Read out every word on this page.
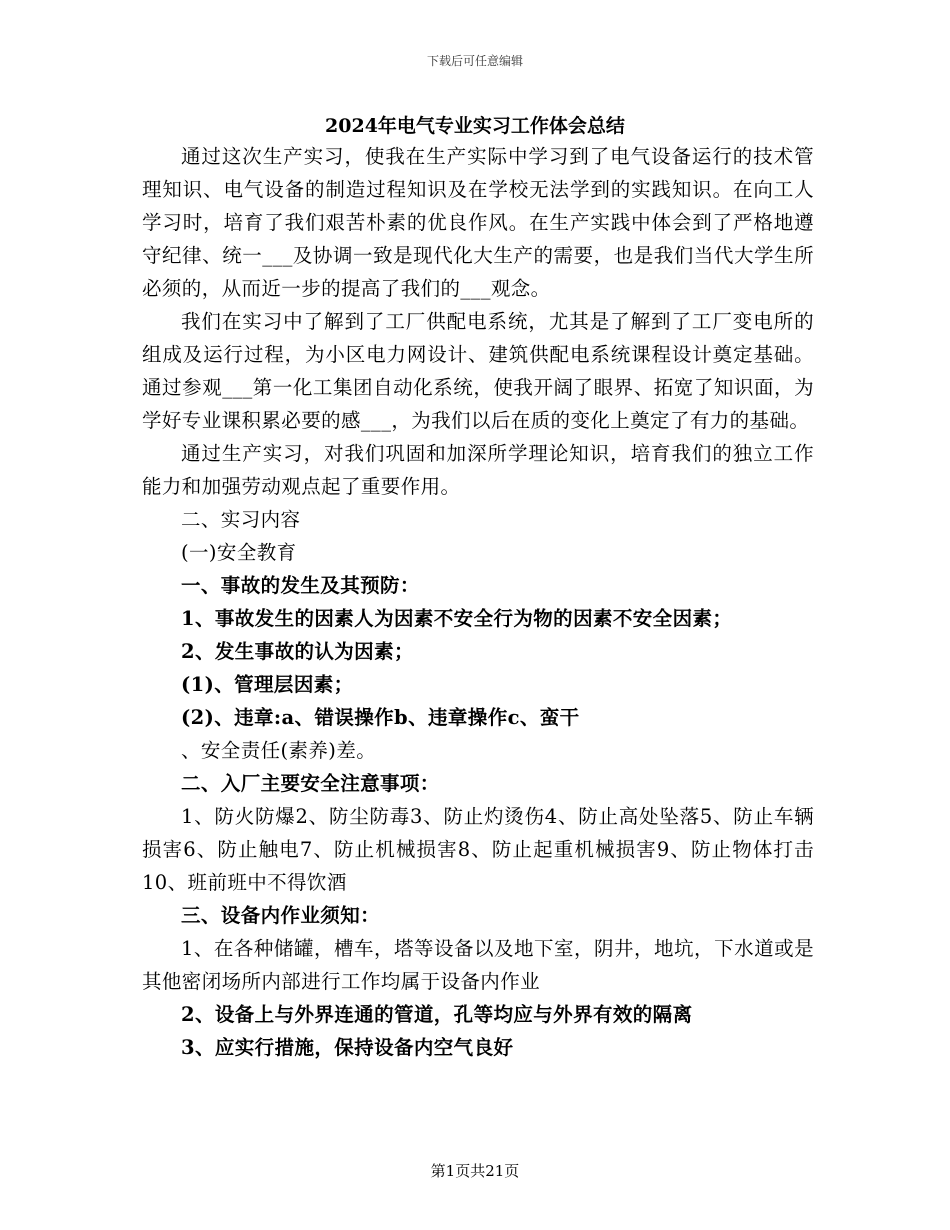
下载后可任意编辑
2024年电气专业实习工作体会总结

通过这次生产实习，使我在生产实际中学习到了电气设备运行的技术管理知识、电气设备的制造过程知识及在学校无法学到的实践知识。在向工人学习时，培育了我们艰苦朴素的优良作风。在生产实践中体会到了严格地遵守纪律、统一___及协调一致是现代化大生产的需要，也是我们当代大学生所必须的，从而近一步的提高了我们的___观念。

我们在实习中了解到了工厂供配电系统，尤其是了解到了工厂变电所的组成及运行过程，为小区电力网设计、建筑供配电系统课程设计奠定基础。通过参观___第一化工集团自动化系统，使我开阔了眼界、拓宽了知识面，为学好专业课积累必要的感___，为我们以后在质的变化上奠定了有力的基础。

通过生产实习，对我们巩固和加深所学理论知识，培育我们的独立工作能力和加强劳动观点起了重要作用。

二、实习内容

(一)安全教育

一、事故的发生及其预防：

1、事故发生的因素人为因素不安全行为物的因素不安全因素；

2、发生事故的认为因素；

(1)、管理层因素；

(2)、违章:a、错误操作b、违章操作c、蛮干

、安全责任(素养)差。

二、入厂主要安全注意事项：

1、防火防爆2、防尘防毒3、防止灼烫伤4、防止高处坠落5、防止车辆损害6、防止触电7、防止机械损害8、防止起重机械损害9、防止物体打击10、班前班中不得饮酒

三、设备内作业须知：

1、在各种储罐，槽车，塔等设备以及地下室，阴井，地坑，下水道或是其他密闭场所内部进行工作均属于设备内作业

2、设备上与外界连通的管道，孔等均应与外界有效的隔离

3、应实行措施，保持设备内空气良好

第1页共21页
